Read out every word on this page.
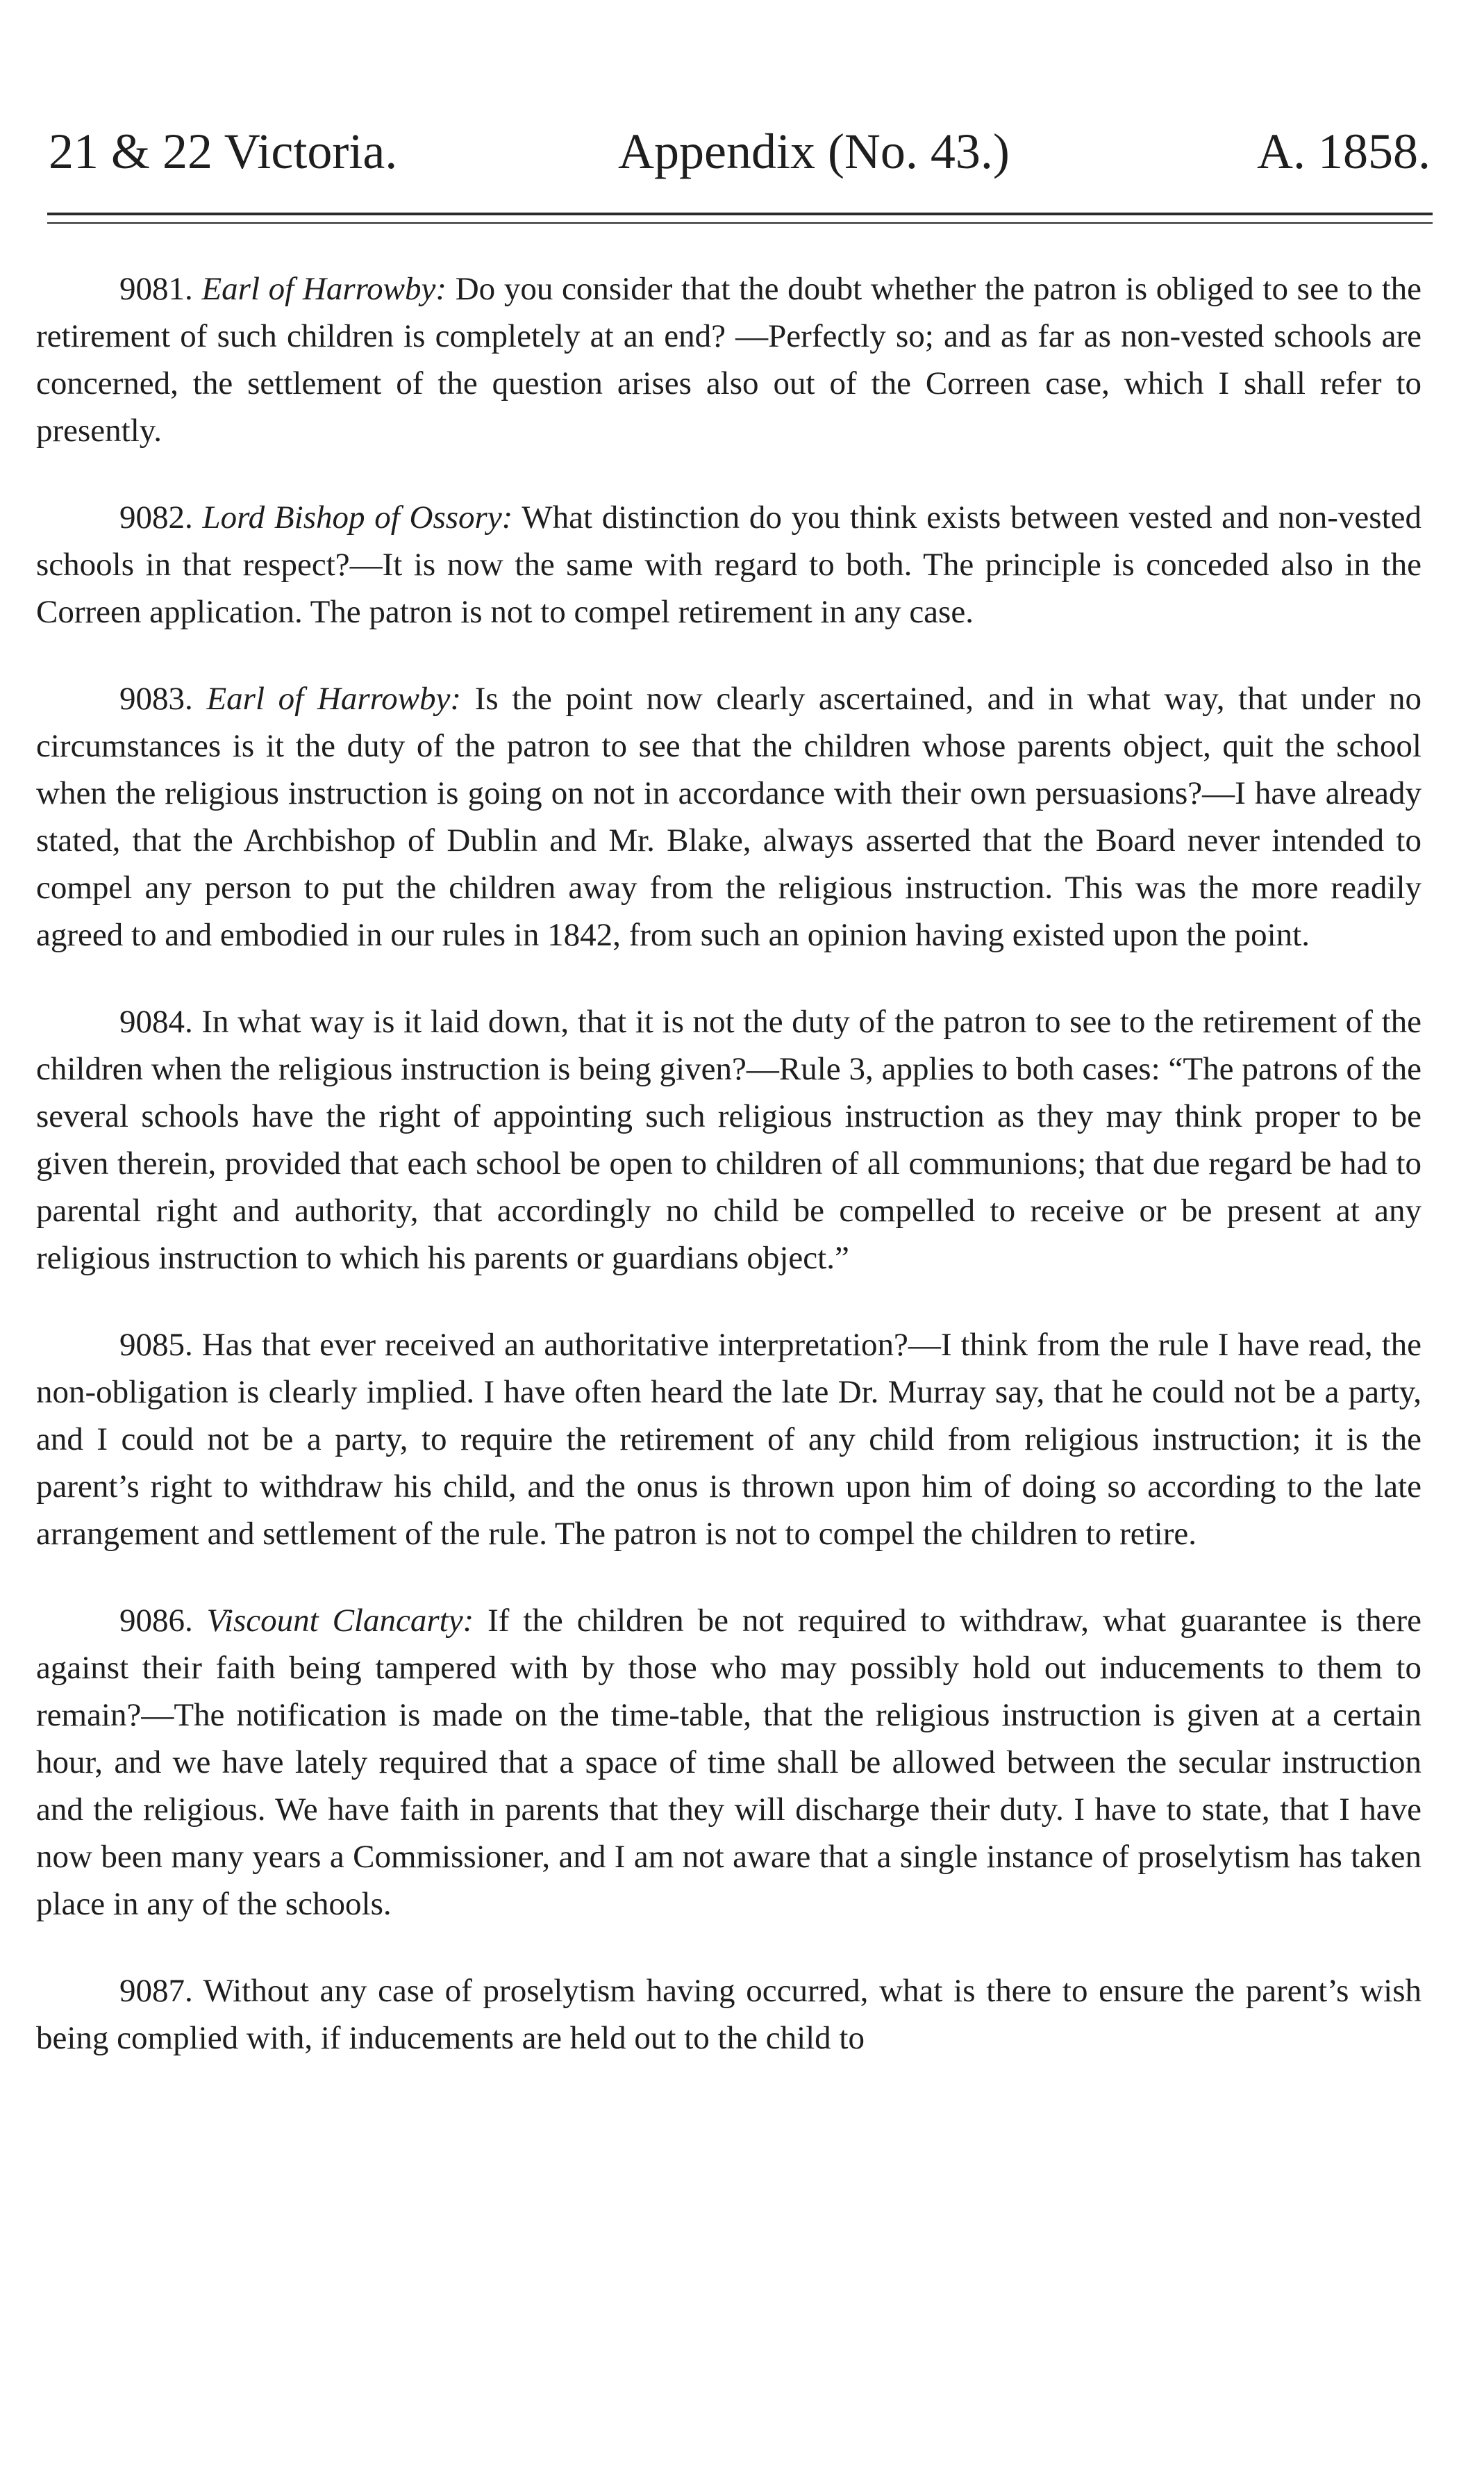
21 & 22 Victoria.	Appendix (No. 43.)	A. 1858.

9081. Earl of Harrowby: Do you consider that the doubt whether the patron is obliged to see to the retirement of such children is completely at an end? —Perfectly so; and as far as non-vested schools are concerned, the settlement of the question arises also out of the Correen case, which I shall refer to presently.

9082. Lord Bishop of Ossory: What distinction do you think exists between vested and non-vested schools in that respect?—It is now the same with regard to both. The principle is conceded also in the Correen application. The patron is not to compel retirement in any case.

9083. Earl of Harrowby: Is the point now clearly ascertained, and in what way, that under no circumstances is it the duty of the patron to see that the children whose parents object, quit the school when the religious instruction is going on not in accordance with their own persuasions?—I have already stated, that the Archbishop of Dublin and Mr. Blake, always asserted that the Board never intended to compel any person to put the children away from the religious instruction. This was the more readily agreed to and embodied in our rules in 1842, from such an opinion having existed upon the point.

9084. In what way is it laid down, that it is not the duty of the patron to see to the retirement of the children when the religious instruction is being given?—Rule 3, applies to both cases: “The patrons of the several schools have the right of appointing such religious instruction as they may think proper to be given therein, provided that each school be open to children of all communions; that due regard be had to parental right and authority, that accordingly no child be compelled to receive or be present at any religious instruction to which his parents or guardians object.”

9085. Has that ever received an authoritative interpretation?—I think from the rule I have read, the non-obligation is clearly implied. I have often heard the late Dr. Murray say, that he could not be a party, and I could not be a party, to require the retirement of any child from religious instruction; it is the parent’s right to withdraw his child, and the onus is thrown upon him of doing so according to the late arrangement and settlement of the rule. The patron is not to compel the children to retire.

9086. Viscount Clancarty: If the children be not required to withdraw, what guarantee is there against their faith being tampered with by those who may possibly hold out inducements to them to remain?—The notification is made on the time-table, that the religious instruction is given at a certain hour, and we have lately required that a space of time shall be allowed between the secular instruction and the religious. We have faith in parents that they will discharge their duty. I have to state, that I have now been many years a Commissioner, and I am not aware that a single instance of proselytism has taken place in any of the schools.

9087. Without any case of proselytism having occurred, what is there to ensure the parent’s wish being complied with, if inducements are held out to the child to
